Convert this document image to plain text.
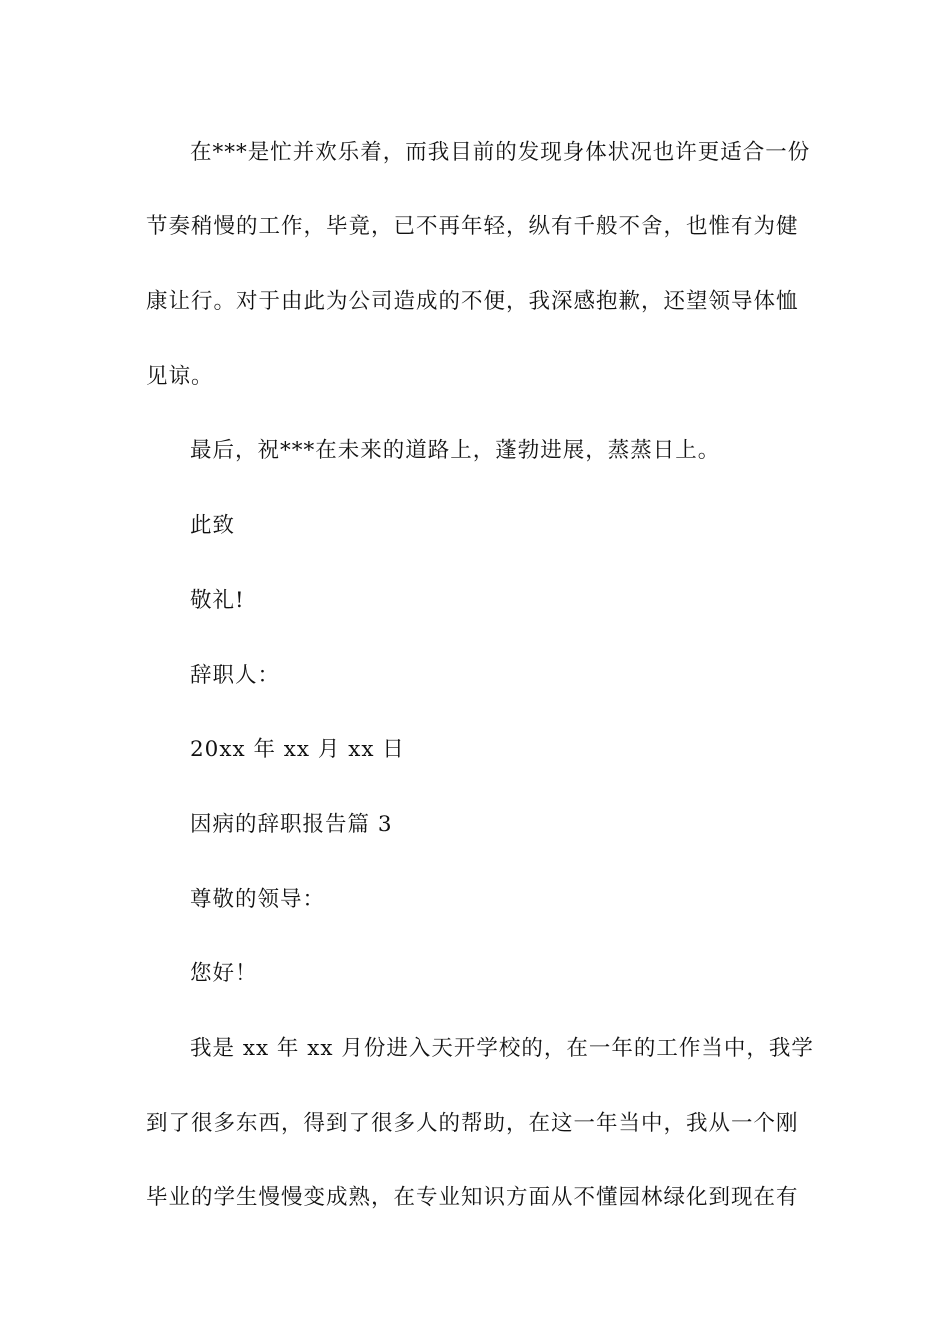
在***是忙并欢乐着，而我目前的发现身体状况也许更适合一份
节奏稍慢的工作，毕竟，已不再年轻，纵有千般不舍，也惟有为健
康让行。对于由此为公司造成的不便，我深感抱歉，还望领导体恤
见谅。
最后，祝***在未来的道路上，蓬勃进展，蒸蒸日上。
此致
敬礼!
辞职人：
20xx 年 xx 月 xx 日
因病的辞职报告篇 3
尊敬的领导：
您好！
我是 xx 年 xx 月份进入天开学校的，在一年的工作当中，我学
到了很多东西，得到了很多人的帮助，在这一年当中，我从一个刚
毕业的学生慢慢变成熟，在专业知识方面从不懂园林绿化到现在有
